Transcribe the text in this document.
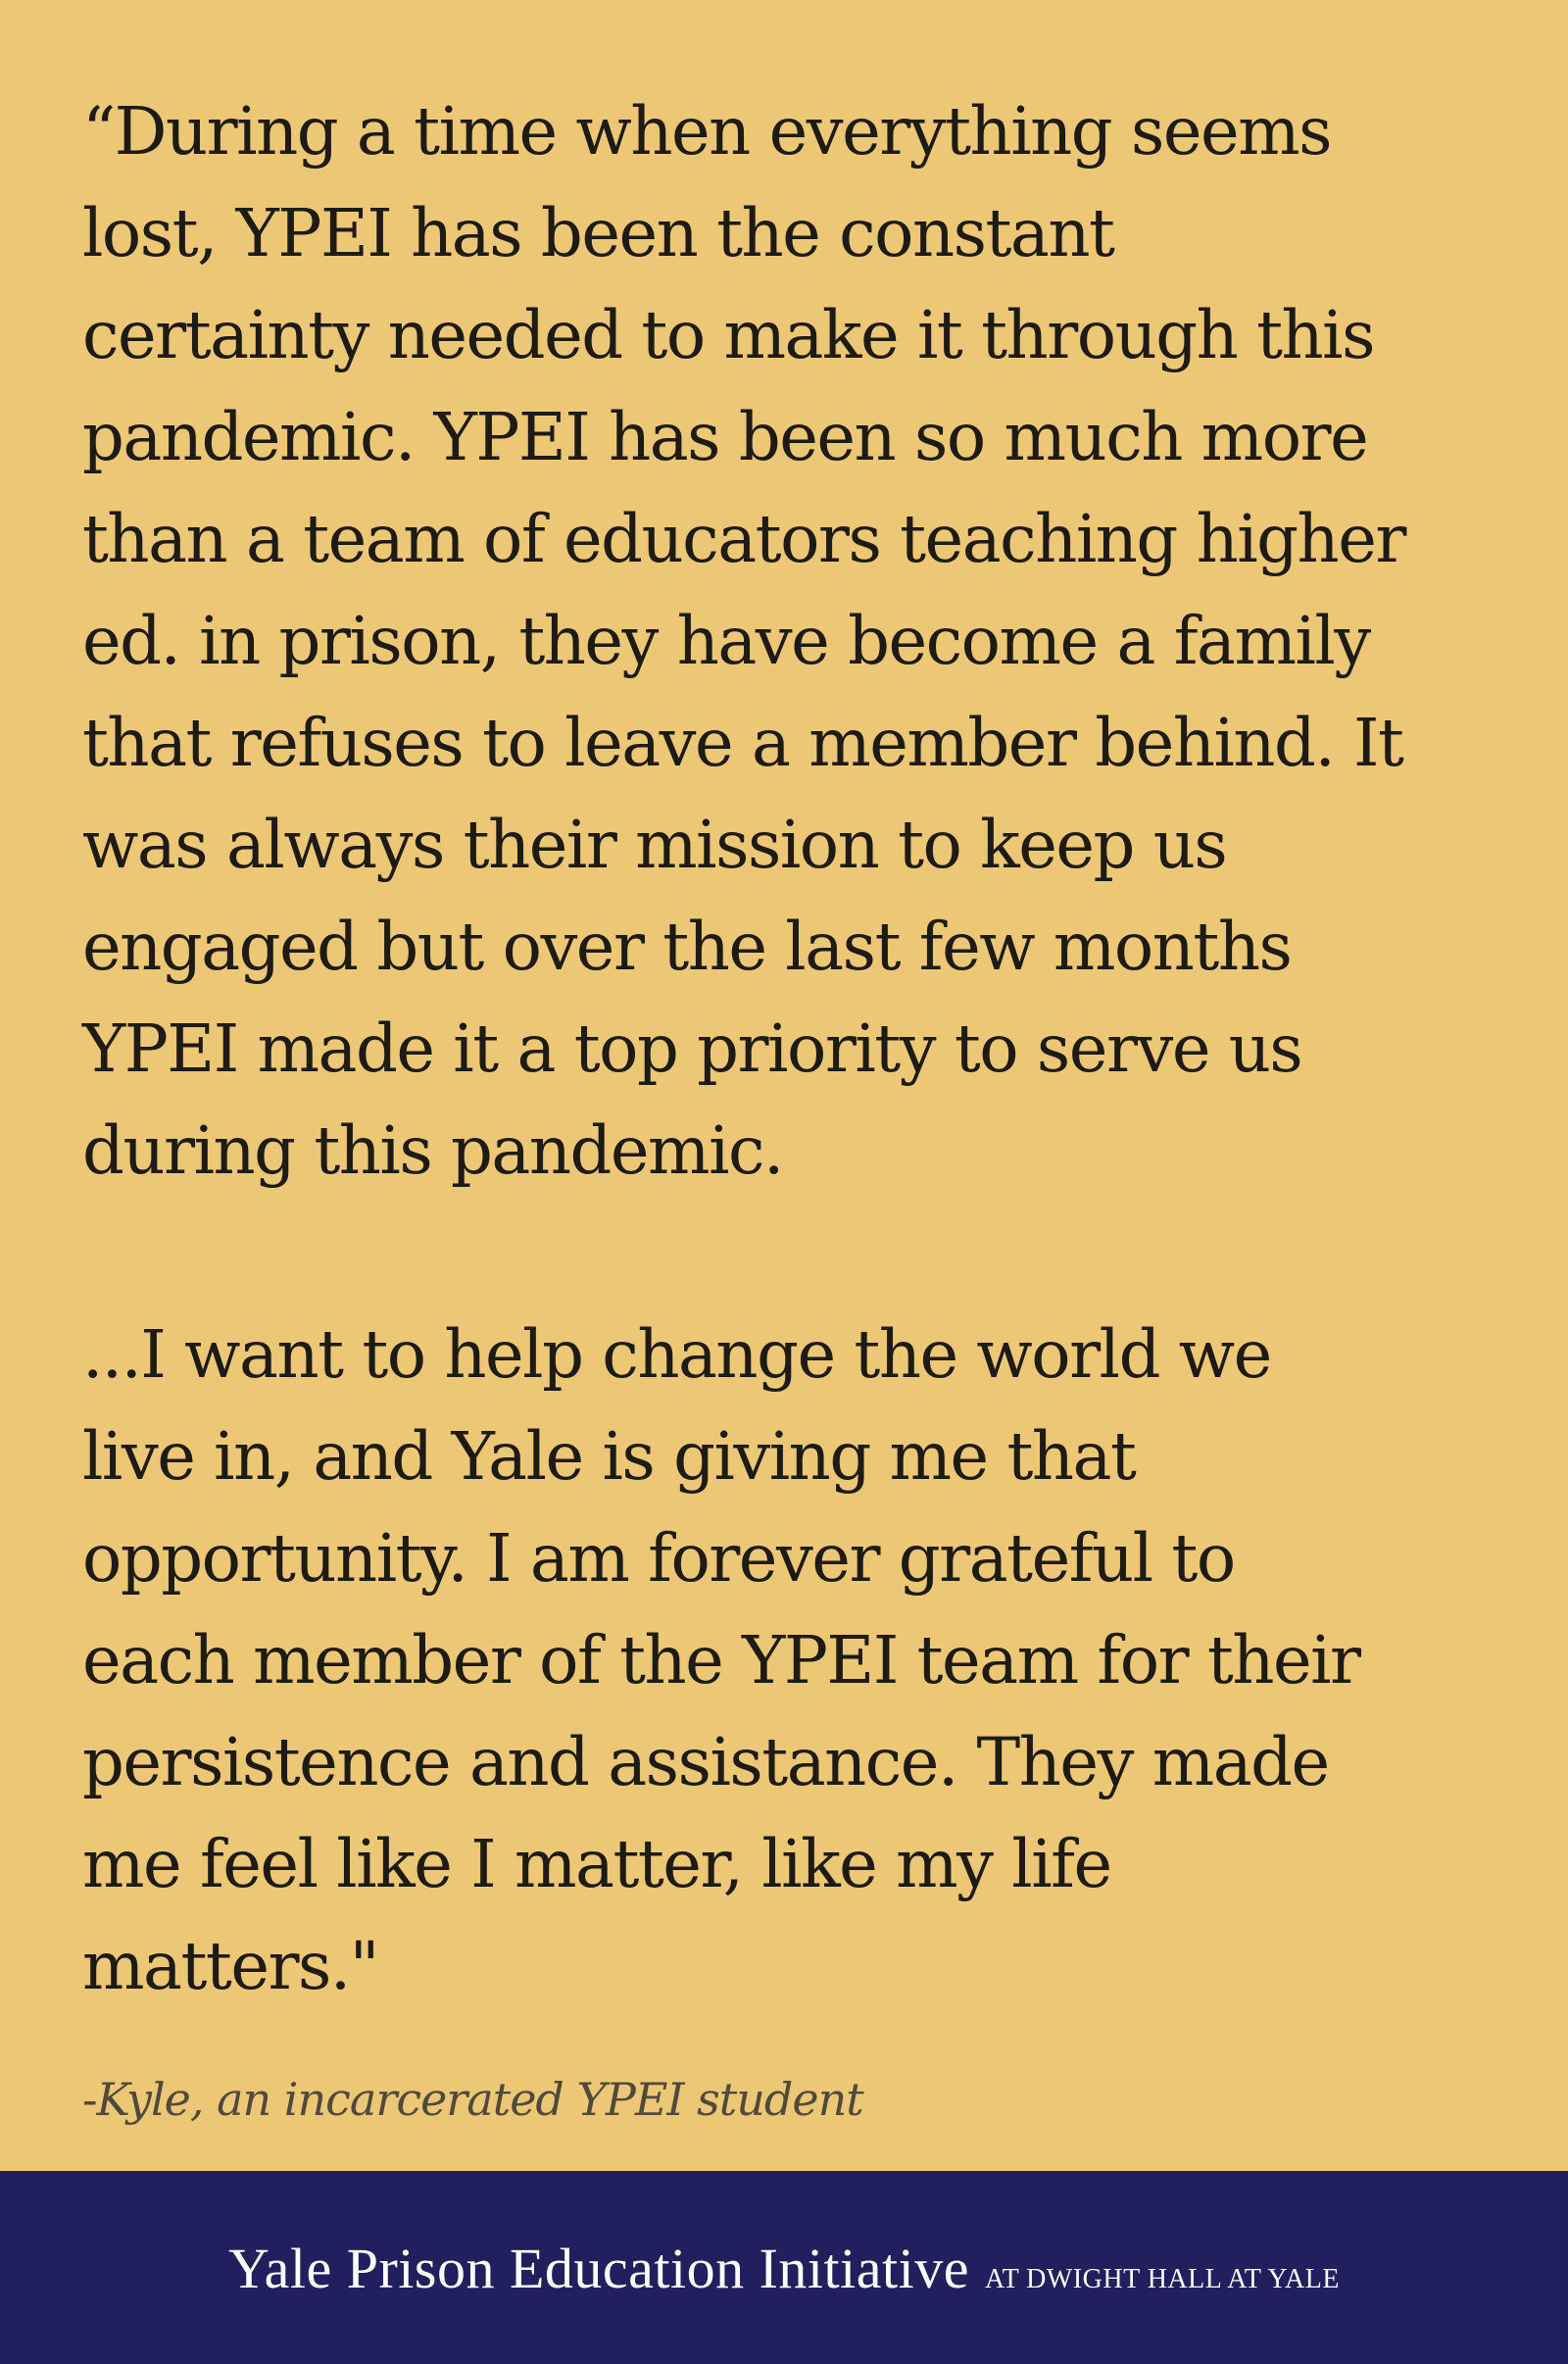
“During a time when everything seems
lost, YPEI has been the constant
certainty needed to make it through this
pandemic. YPEI has been so much more
than a team of educators teaching higher
ed. in prison, they have become a family
that refuses to leave a member behind. It
was always their mission to keep us
engaged but over the last few months
YPEI made it a top priority to serve us
during this pandemic.
...I want to help change the world we
live in, and Yale is giving me that
opportunity. I am forever grateful to
each member of the YPEI team for their
persistence and assistance. They made
me feel like I matter, like my life
matters."

-Kyle, an incarcerated YPEI student

Yale Prison Education Initiative AT DWIGHT HALL AT YALE
